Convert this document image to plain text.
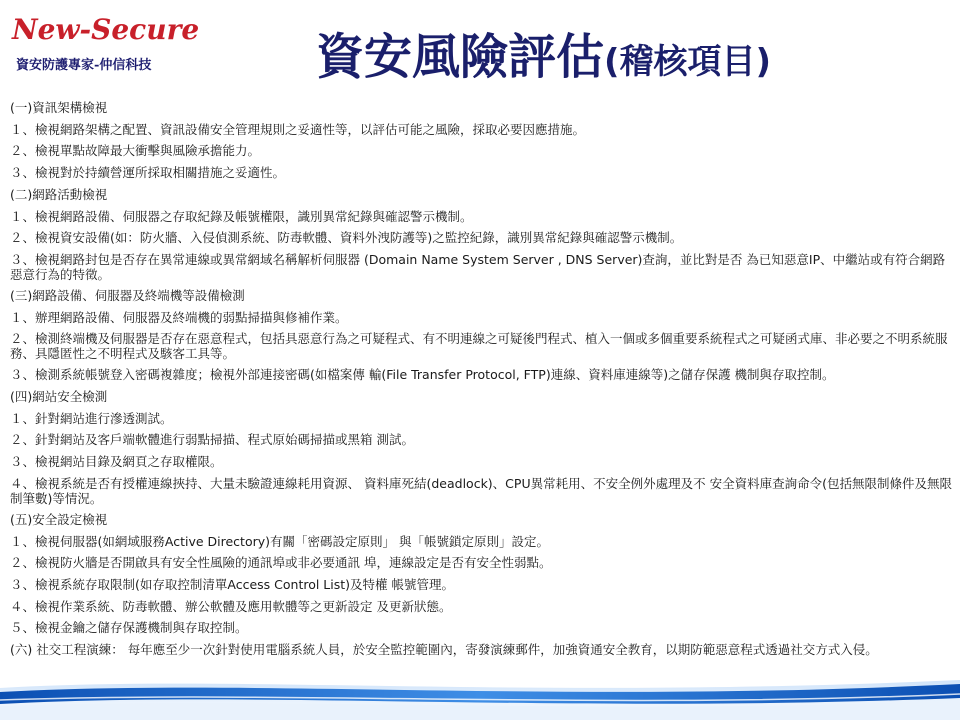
New-Secure
資安防護專家-仲信科技	資安風險評估(稽核項目)
(一)資訊架構檢視
１、檢視網路架構之配置、資訊設備安全管理規則之妥適性等，以評估可能之風險，採取必要因應措施。
２、檢視單點故障最大衝擊與風險承擔能力。
３、檢視對於持續營運所採取相關措施之妥適性。
(二)網路活動檢視
１、檢視網路設備、伺服器之存取紀錄及帳號權限，識別異常紀錄與確認警示機制。
２、檢視資安設備(如：防火牆、入侵偵測系統、防毒軟體、資料外洩防護等)之監控紀錄，識別異常紀錄與確認警示機制。
３、檢視網路封包是否存在異常連線或異常網域名稱解析伺服器 (Domain Name System Server , DNS Server)查詢，並比對是否 為已知惡意IP、中繼站或有符合網路惡意行為的特徵。
(三)網路設備、伺服器及終端機等設備檢測
１、辦理網路設備、伺服器及終端機的弱點掃描與修補作業。
２、檢測終端機及伺服器是否存在惡意程式，包括具惡意行為之可疑程式、有不明連線之可疑後門程式、植入一個或多個重要系統程式之可疑函式庫、非必要之不明系統服務、具隱匿性之不明程式及駭客工具等。
３、檢測系統帳號登入密碼複雜度；檢視外部連接密碼(如檔案傳 輸(File Transfer Protocol, FTP)連線、資料庫連線等)之儲存保護 機制與存取控制。
(四)網站安全檢測
１、針對網站進行滲透測試。
２、針對網站及客戶端軟體進行弱點掃描、程式原始碼掃描或黑箱 測試。
３、檢視網站目錄及網頁之存取權限。
４、檢視系統是否有授權連線挾持、大量未驗證連線耗用資源、 資料庫死結(deadlock)、CPU異常耗用、不安全例外處理及不 安全資料庫查詢命令(包括無限制條件及無限制筆數)等情況。
(五)安全設定檢視
１、檢視伺服器(如網域服務Active Directory)有關「密碼設定原則」 與「帳號鎖定原則」設定。
２、檢視防火牆是否開啟具有安全性風險的通訊埠或非必要通訊 埠，連線設定是否有安全性弱點。
３、檢視系統存取限制(如存取控制清單Access Control List)及特權 帳號管理。
４、檢視作業系統、防毒軟體、辦公軟體及應用軟體等之更新設定 及更新狀態。
５、檢視金鑰之儲存保護機制與存取控制。
(六) 社交工程演練： 每年應至少一次針對使用電腦系統人員，於安全監控範圍內，寄發演練郵件，加強資通安全教育，以期防範惡意程式透過社交方式入侵。
